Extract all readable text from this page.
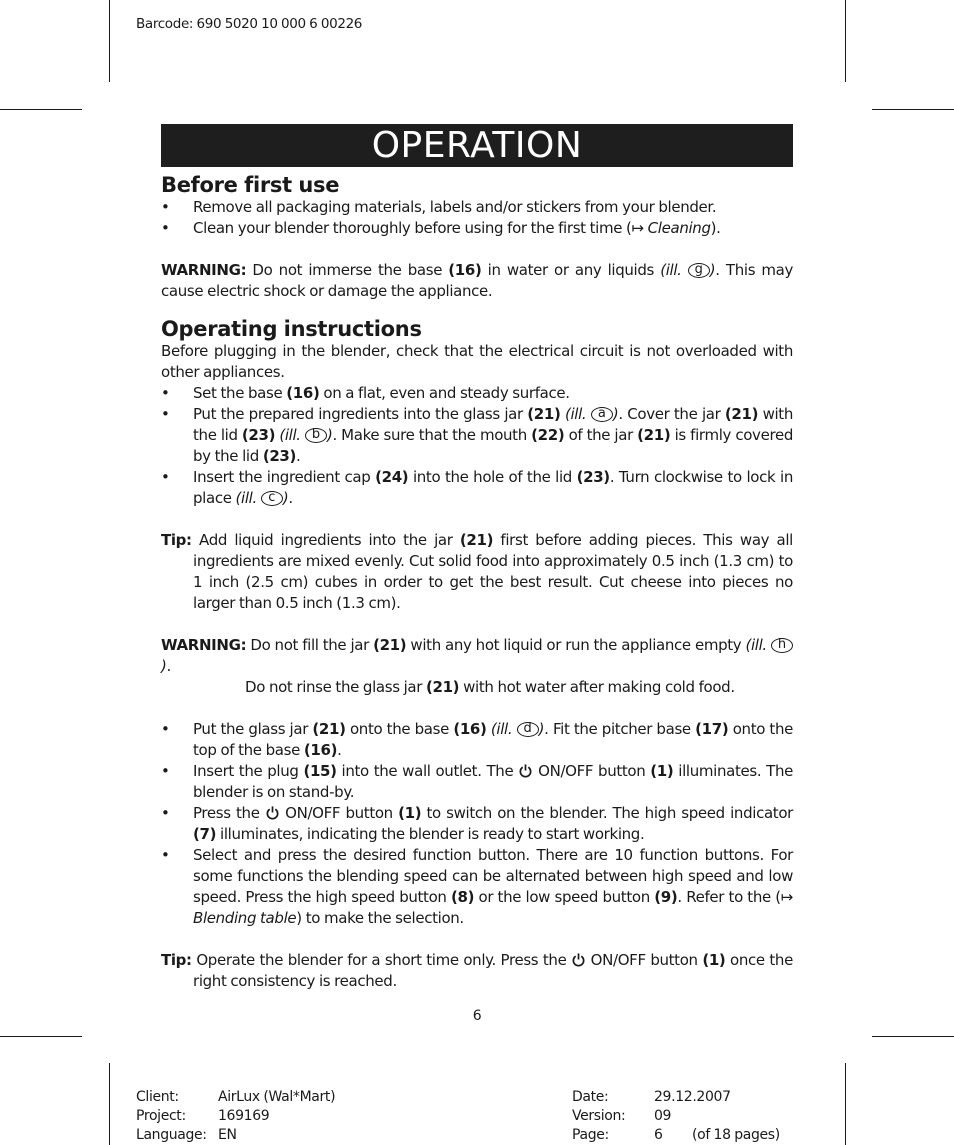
Barcode: 690 5020 10 000 6 00226
OPERATION
Before first use
• Remove all packaging materials, labels and/or stickers from your blender.
• Clean your blender thoroughly before using for the first time (↦ Cleaning).

WARNING: Do not immerse the base (16) in water or any liquids (ill. g ). This may cause electric shock or damage the appliance.

Operating instructions

Before plugging in the blender, check that the electrical circuit is not overloaded with other appliances.

• Set the base (16) on a flat, even and steady surface.
• Put the prepared ingredients into the glass jar (21) (ill. a ). Cover the jar (21) with the lid (23) (ill. b ). Make sure that the mouth (22) of the jar (21) is firmly covered by the lid (23).
• Insert the ingredient cap (24) into the hole of the lid (23). Turn clockwise to lock in place (ill. c ).

Tip: Add liquid ingredients into the jar (21) first before adding pieces. This way all ingredients are mixed evenly. Cut solid food into approximately 0.5 inch (1.3 cm) to 1 inch (2.5 cm) cubes in order to get the best result. Cut cheese into pieces no larger than 0.5 inch (1.3 cm).

WARNING: Do not fill the jar (21) with any hot liquid or run the appliance empty (ill. h).

Do not rinse the glass jar (21) with hot water after making cold food.

• Put the glass jar (21) onto the base (16) (ill. d ). Fit the pitcher base (17) onto the top of the base (16).
• Insert the plug (15) into the wall outlet. The  ON/OFF button (1) illuminates. The blender is on stand-by.
• Press the  ON/OFF button (1) to switch on the blender. The high speed indicator (7) illuminates, indicating the blender is ready to start working.
• Select and press the desired function button. There are 10 function buttons. For some functions the blending speed can be alternated between high speed and low speed. Press the high speed button (8) or the low speed button (9). Refer to the (↦ Blending table) to make the selection.

Tip: Operate the blender for a short time only. Press the  ON/OFF button (1) once the right consistency is reached.

6
Client:	AirLux (Wal*Mart)
Project:	169169
Language: EN
Date:	29.12.2007
Version:	09
Page:	6	(of 18 pages)
